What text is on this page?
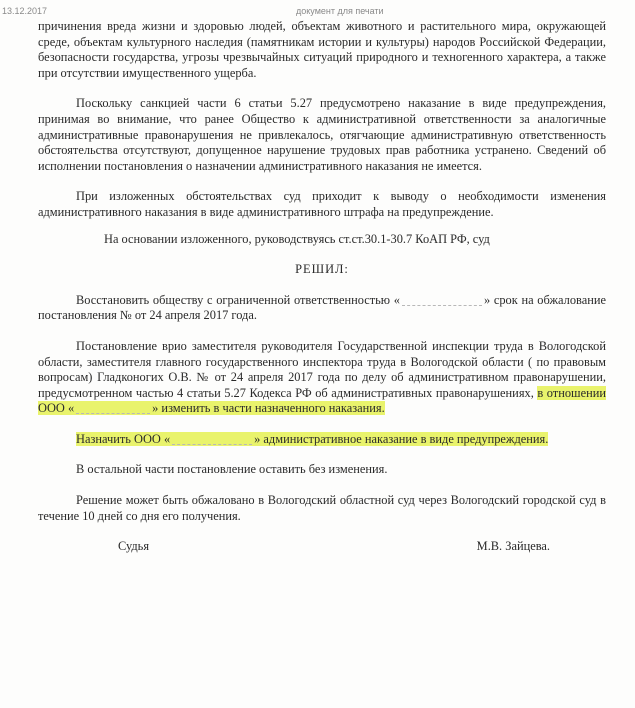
13.12.2017	документ для печати

причинения вреда жизни и здоровью людей, объектам животного и растительного мира, окружающей среде, объектам культурного наследия (памятникам истории и культуры) народов Российской Федерации, безопасности государства, угрозы чрезвычайных ситуаций природного и техногенного характера, а также при отсутствии имущественного ущерба.

Поскольку санкцией части 6 статьи 5.27 предусмотрено наказание в виде предупреждения, принимая во внимание, что ранее Общество к административной ответственности за аналогичные административные правонарушения не привлекалось, отягчающие административную ответственность обстоятельства отсутствуют, допущенное нарушение трудовых прав работника устранено. Сведений об исполнении постановления о назначении административного наказания не имеется.

При изложенных обстоятельствах суд приходит к выводу о необходимости изменения административного наказания в виде административного штрафа на предупреждение.

На основании изложенного, руководствуясь ст.ст.30.1-30.7 КоАП РФ, суд

РЕШИЛ:

Восстановить обществу с ограниченной ответственностью «	» срок на обжалование постановления № от 24 апреля 2017 года.

Постановление врио заместителя руководителя Государственной инспекции труда в Вологодской области, заместителя главного государственного инспектора труда в Вологодской области ( по правовым вопросам) Гладконогих О.В. № от 24 апреля 2017 года по делу об административном правонарушении, предусмотренном частью 4 статьи 5.27 Кодекса РФ об административных правонарушениях, в отношении ООО «	» изменить в части назначенного наказания.

Назначить ООО «	» административное наказание в виде предупреждения.

В остальной части постановление оставить без изменения.

Решение может быть обжаловано в Вологодский областной суд через Вологодский городской суд в течение 10 дней со дня его получения.

Судья	М.В. Зайцева.
